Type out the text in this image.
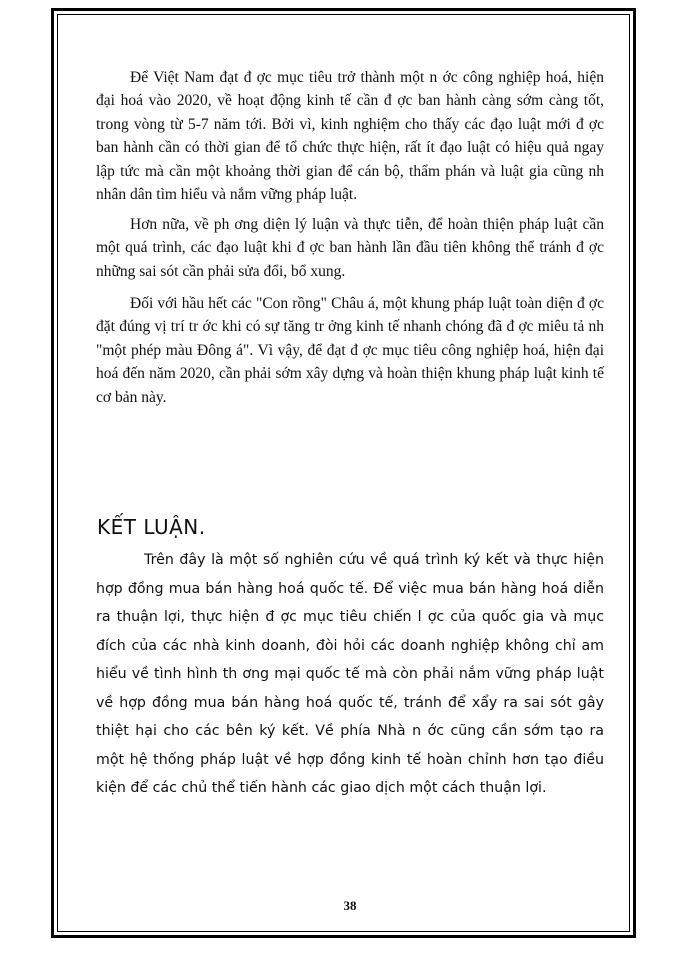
Để Việt Nam đạt đ ợc mục tiêu trở thành một n ớc công nghiệp hoá, hiện đại hoá vào 2020, về hoạt động kinh tế cần đ ợc ban hành càng sớm càng tốt, trong vòng từ 5-7 năm tới. Bởi vì, kinh nghiệm cho thấy các đạo luật mới đ ợc ban hành cần có thời gian để tổ chức thực hiện, rất ít đạo luật có hiệu quả ngay lập tức mà cần một khoảng thời gian để cán bộ, thẩm phán và luật gia cũng nh nhân dân tìm hiểu và nắm vững pháp luật.

Hơn nữa, về ph ơng diện lý luận và thực tiễn, để hoàn thiện pháp luật cần một quá trình, các đạo luật khi đ ợc ban hành lần đầu tiên không thể tránh đ ợc những sai sót cần phải sửa đổi, bổ xung.

Đối với hầu hết các "Con rồng" Châu á, một khung pháp luật toàn diện đ ợc đặt đúng vị trí tr ớc khi có sự tăng tr ởng kinh tế nhanh chóng đã đ ợc miêu tả nh "một phép màu Đông á". Vì vậy, để đạt đ ợc mục tiêu công nghiệp hoá, hiện đại hoá đến năm 2020, cần phải sớm xây dựng và hoàn thiện khung pháp luật kinh tế cơ bản này.

KẾT LUẬN.

Trên đây là một số nghiên cứu về quá trình ký kết và thực hiện hợp đồng mua bán hàng hoá quốc tế. Để việc mua bán hàng hoá diễn ra thuận lợi, thực hiện đ ợc mục tiêu chiến l ợc của quốc gia và mục đích của các nhà kinh doanh, đòi hỏi các doanh nghiệp không chỉ am hiểu về tình hình th ơng mại quốc tế mà còn phải nắm vững pháp luật về hợp đồng mua bán hàng hoá quốc tế, tránh để xẩy ra sai sót gây thiệt hại cho các bên ký kết. Về phía Nhà n ớc cũng cần sớm tạo ra một hệ thống pháp luật về hợp đồng kinh tế hoàn chỉnh hơn tạo điều kiện để các chủ thể tiến hành các giao dịch một cách thuận lợi.

38
